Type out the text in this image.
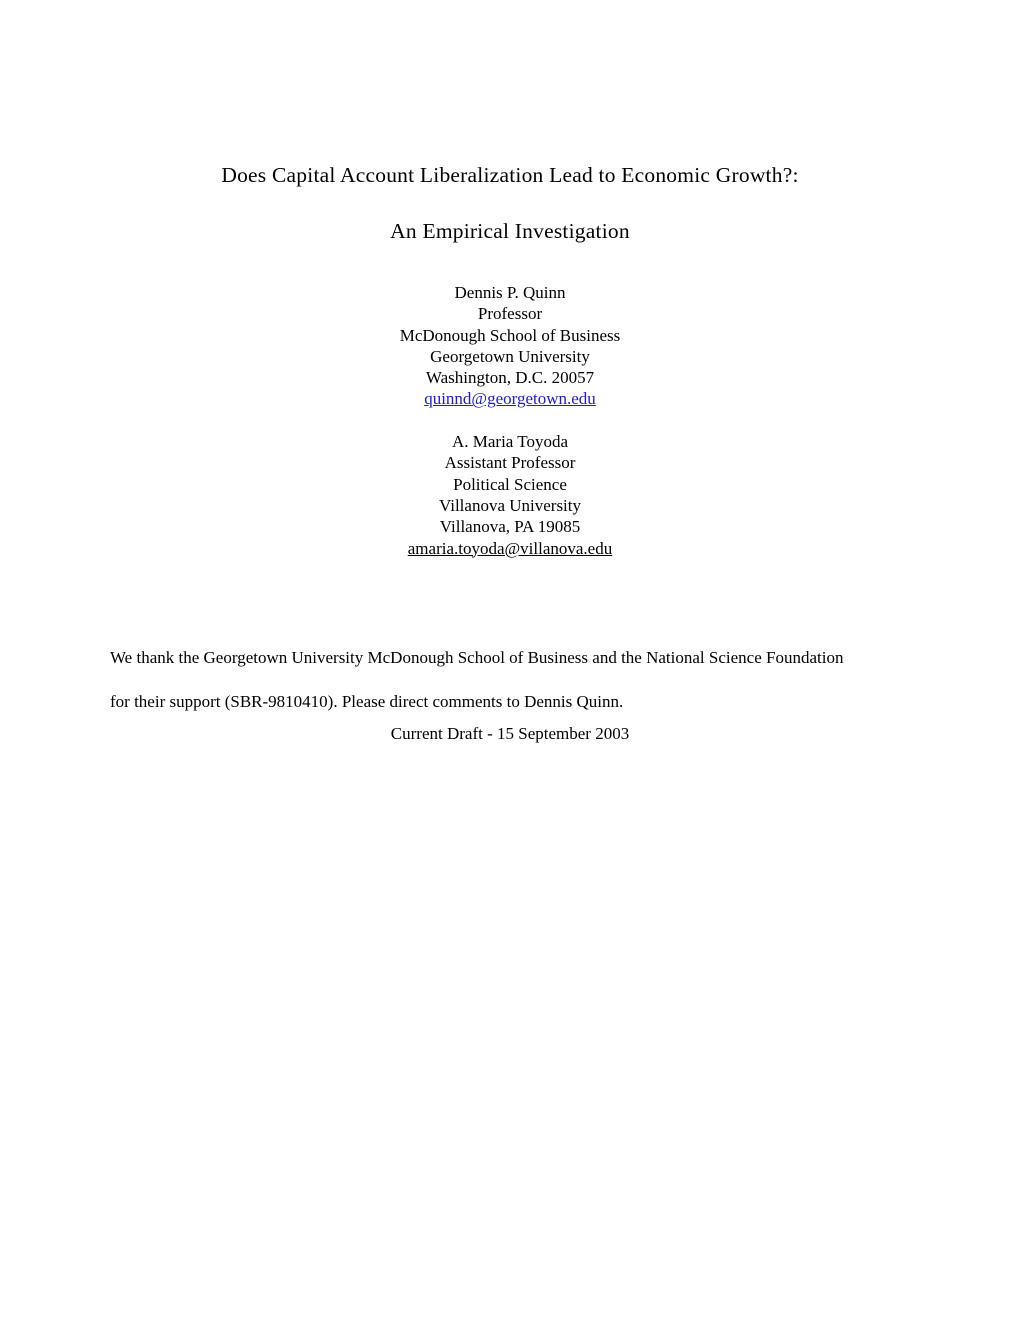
Does Capital Account Liberalization Lead to Economic Growth?:
An Empirical Investigation
Dennis P. Quinn
Professor
McDonough School of Business
Georgetown University
Washington, D.C. 20057
quinnd@georgetown.edu
A. Maria Toyoda
Assistant Professor
Political Science
Villanova University
Villanova, PA 19085
amaria.toyoda@villanova.edu
We thank the Georgetown University McDonough School of Business and the National Science Foundation
for their support (SBR-9810410). Please direct comments to Dennis Quinn.
Current Draft - 15 September 2003
